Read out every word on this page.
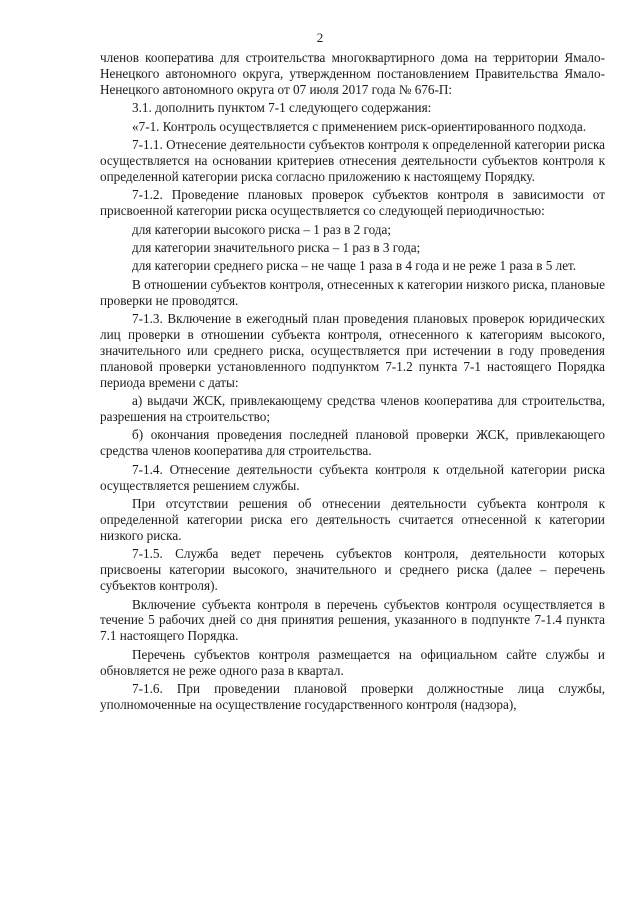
2

членов кооператива для строительства многоквартирного дома на территории Ямало-Ненецкого автономного округа, утвержденном постановлением Правительства Ямало-Ненецкого автономного округа от 07 июля 2017 года № 676-П:

3.1. дополнить пунктом 7-1 следующего содержания:

«7-1. Контроль осуществляется с применением риск-ориентированного подхода.

7-1.1. Отнесение деятельности субъектов контроля к определенной категории риска осуществляется на основании критериев отнесения деятельности субъектов контроля к определенной категории риска согласно приложению к настоящему Порядку.

7-1.2. Проведение плановых проверок субъектов контроля в зависимости от присвоенной категории риска осуществляется со следующей периодичностью:

для категории высокого риска – 1 раз в 2 года;

для категории значительного риска – 1 раз в 3 года;

для категории среднего риска – не чаще 1 раза в 4 года и не реже 1 раза в 5 лет.

В отношении субъектов контроля, отнесенных к категории низкого риска, плановые проверки не проводятся.

7-1.3. Включение в ежегодный план проведения плановых проверок юридических лиц проверки в отношении субъекта контроля, отнесенного к категориям высокого, значительного или среднего риска, осуществляется при истечении в году проведения плановой проверки установленного подпунктом 7-1.2 пункта 7-1 настоящего Порядка периода времени с даты:

а) выдачи ЖСК, привлекающему средства членов кооператива для строительства, разрешения на строительство;

б) окончания проведения последней плановой проверки ЖСК, привлекающего средства членов кооператива для строительства.

7-1.4. Отнесение деятельности субъекта контроля к отдельной категории риска осуществляется решением службы.

При отсутствии решения об отнесении деятельности субъекта контроля к определенной категории риска его деятельность считается отнесенной к категории низкого риска.

7-1.5. Служба ведет перечень субъектов контроля, деятельности которых присвоены категории высокого, значительного и среднего риска (далее – перечень субъектов контроля).

Включение субъекта контроля в перечень субъектов контроля осуществляется в течение 5 рабочих дней со дня принятия решения, указанного в подпункте 7-1.4 пункта 7.1 настоящего Порядка.

Перечень субъектов контроля размещается на официальном сайте службы и обновляется не реже одного раза в квартал.

7-1.6. При проведении плановой проверки должностные лица службы, уполномоченные на осуществление государственного контроля (надзора),
